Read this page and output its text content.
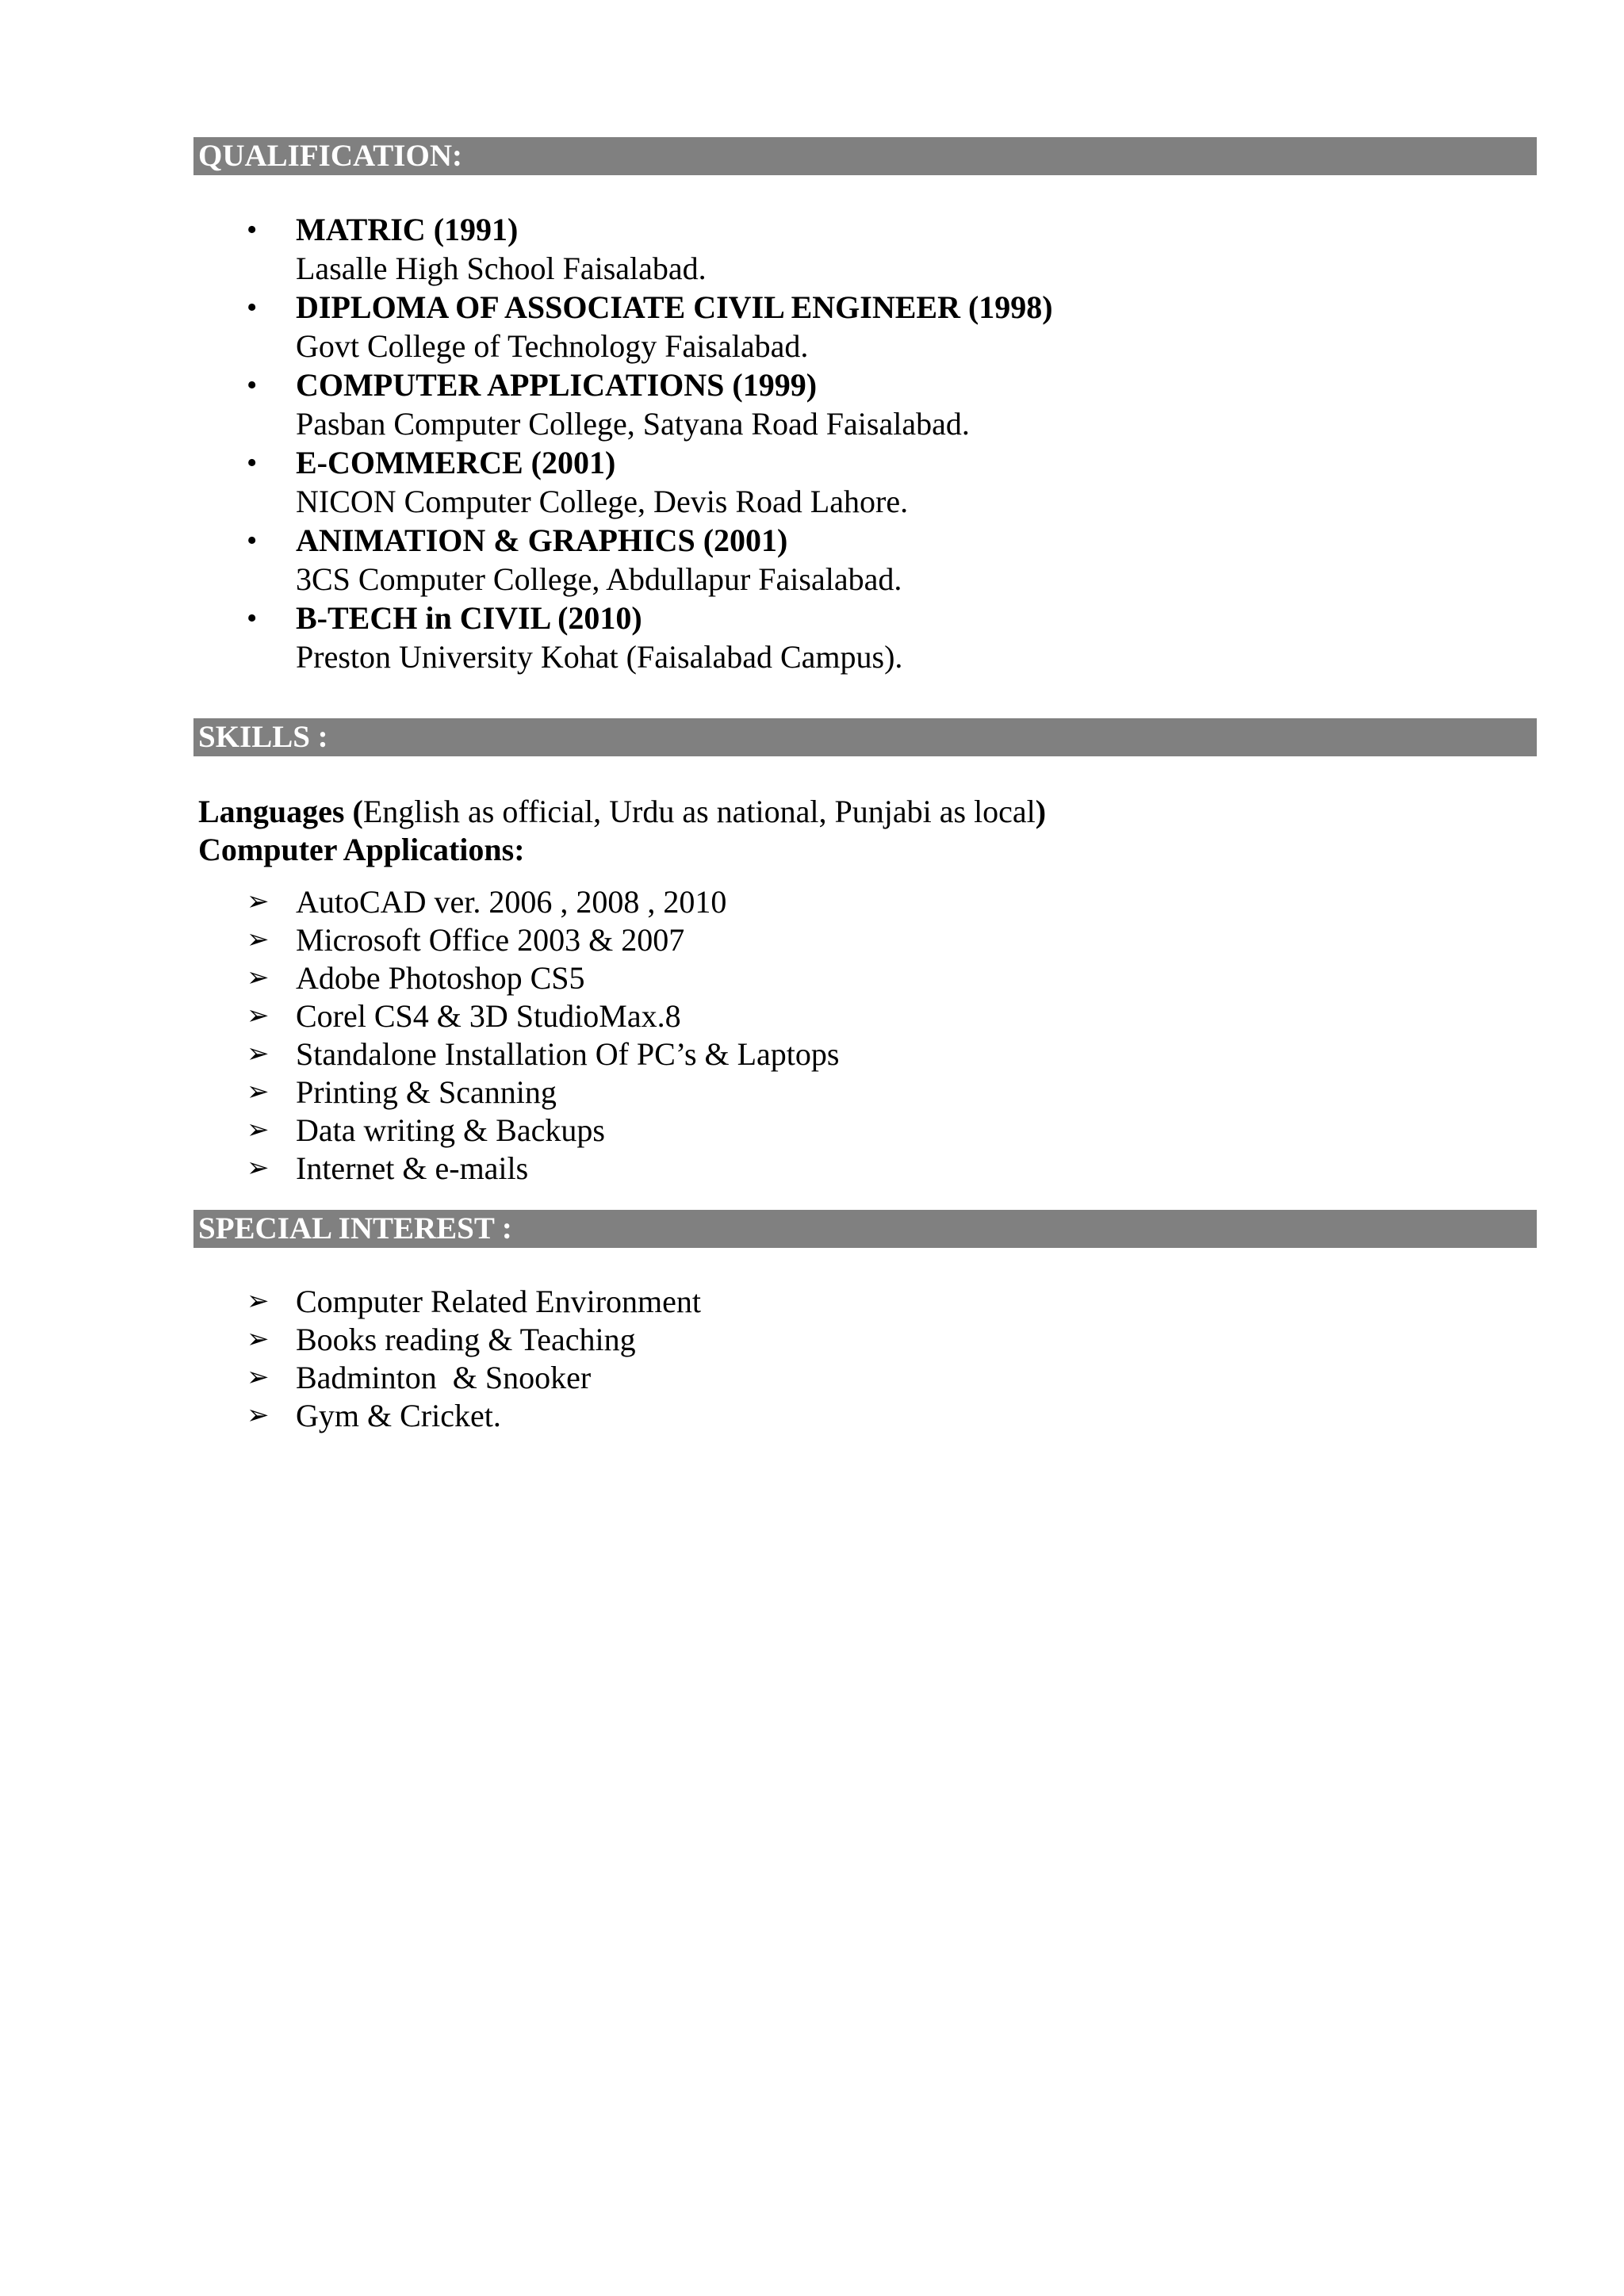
QUALIFICATION:
• MATRIC (1991)
Lasalle High School Faisalabad.
• DIPLOMA OF ASSOCIATE CIVIL ENGINEER (1998)
Govt College of Technology Faisalabad.
• COMPUTER APPLICATIONS (1999)
Pasban Computer College, Satyana Road Faisalabad.
• E-COMMERCE (2001)
NICON Computer College, Devis Road Lahore.
• ANIMATION & GRAPHICS (2001)
3CS Computer College, Abdullapur Faisalabad.
• B-TECH in CIVIL (2010)
Preston University Kohat (Faisalabad Campus).
SKILLS :
Languages (English as official, Urdu as national, Punjabi as local)
Computer Applications:
➢ AutoCAD ver. 2006 , 2008 , 2010
➢ Microsoft Office 2003 & 2007
➢ Adobe Photoshop CS5
➢ Corel CS4 & 3D StudioMax.8
➢ Standalone Installation Of PC’s & Laptops
➢ Printing & Scanning
➢ Data writing & Backups
➢ Internet & e-mails
SPECIAL INTEREST :
➢ Computer Related Environment
➢ Books reading & Teaching
➢ Badminton  & Snooker
➢ Gym & Cricket.
